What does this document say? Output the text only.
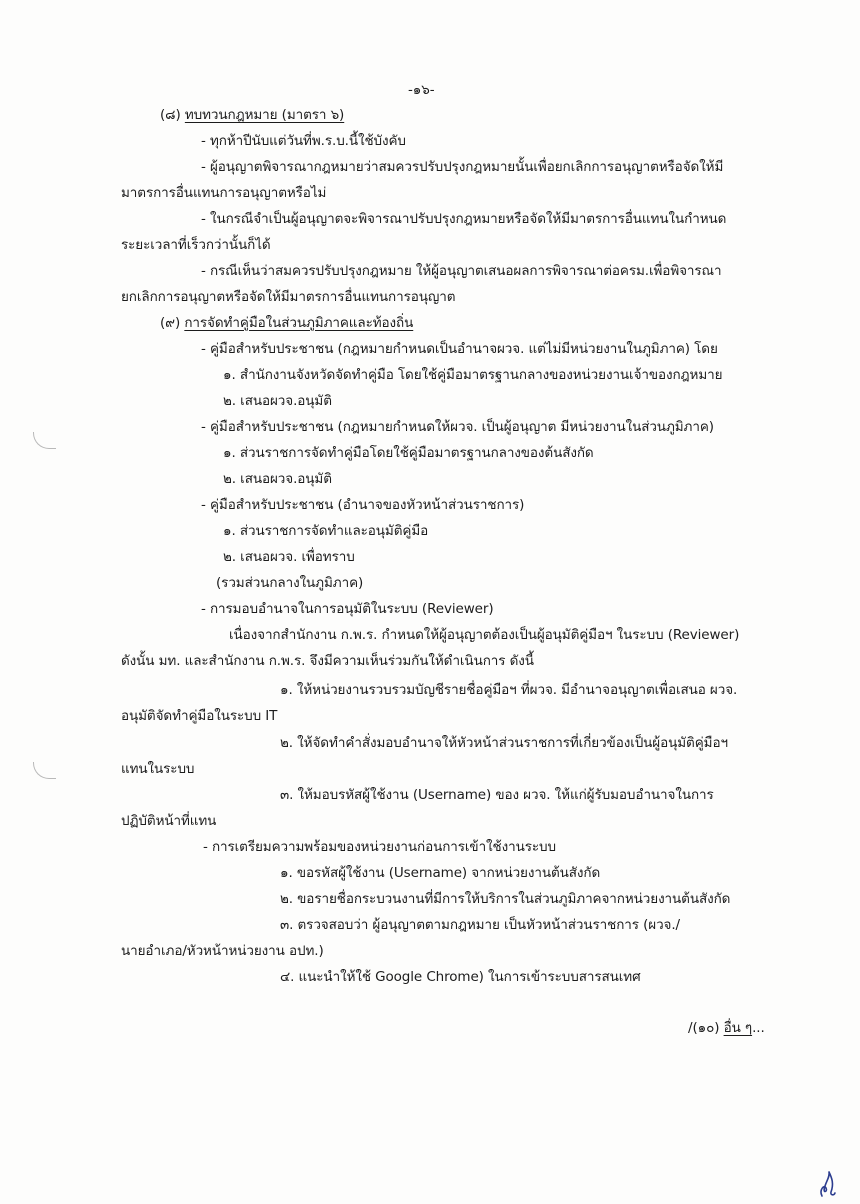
-๑๖-
(๘) ทบทวนกฎหมาย (มาตรา ๖)
- ทุกห้าปีนับแต่วันที่พ.ร.บ.นี้ใช้บังคับ
- ผู้อนุญาตพิจารณากฎหมายว่าสมควรปรับปรุงกฎหมายนั้นเพื่อยกเลิกการอนุญาตหรือจัดให้มี
มาตรการอื่นแทนการอนุญาตหรือไม่
- ในกรณีจำเป็นผู้อนุญาตจะพิจารณาปรับปรุงกฎหมายหรือจัดให้มีมาตรการอื่นแทนในกำหนด
ระยะเวลาที่เร็วกว่านั้นก็ได้
- กรณีเห็นว่าสมควรปรับปรุงกฎหมาย ให้ผู้อนุญาตเสนอผลการพิจารณาต่อครม.เพื่อพิจารณา
ยกเลิกการอนุญาตหรือจัดให้มีมาตรการอื่นแทนการอนุญาต
(๙) การจัดทำคู่มือในส่วนภูมิภาคและท้องถิ่น
- คู่มือสำหรับประชาชน (กฎหมายกำหนดเป็นอำนาจผวจ. แต่ไม่มีหน่วยงานในภูมิภาค) โดย
๑. สำนักงานจังหวัดจัดทำคู่มือ โดยใช้คู่มือมาตรฐานกลางของหน่วยงานเจ้าของกฎหมาย
๒. เสนอผวจ.อนุมัติ
- คู่มือสำหรับประชาชน (กฎหมายกำหนดให้ผวจ. เป็นผู้อนุญาต มีหน่วยงานในส่วนภูมิภาค)
๑. ส่วนราชการจัดทำคู่มือโดยใช้คู่มือมาตรฐานกลางของต้นสังกัด
๒. เสนอผวจ.อนุมัติ
- คู่มือสำหรับประชาชน (อำนาจของหัวหน้าส่วนราชการ)
๑. ส่วนราชการจัดทำและอนุมัติคู่มือ
๒. เสนอผวจ. เพื่อทราบ
(รวมส่วนกลางในภูมิภาค)
- การมอบอำนาจในการอนุมัติในระบบ (Reviewer)
เนื่องจากสำนักงาน ก.พ.ร. กำหนดให้ผู้อนุญาตต้องเป็นผู้อนุมัติคู่มือฯ ในระบบ (Reviewer)
ดังนั้น มท. และสำนักงาน ก.พ.ร. จึงมีความเห็นร่วมกันให้ดำเนินการ ดังนี้
๑. ให้หน่วยงานรวบรวมบัญชีรายชื่อคู่มือฯ ที่ผวจ. มีอำนาจอนุญาตเพื่อเสนอ ผวจ.
อนุมัติจัดทำคู่มือในระบบ IT
๒. ให้จัดทำคำสั่งมอบอำนาจให้หัวหน้าส่วนราชการที่เกี่ยวข้องเป็นผู้อนุมัติคู่มือฯ
แทนในระบบ
๓. ให้มอบรหัสผู้ใช้งาน (Username) ของ ผวจ. ให้แก่ผู้รับมอบอำนาจในการ
ปฏิบัติหน้าที่แทน
- การเตรียมความพร้อมของหน่วยงานก่อนการเข้าใช้งานระบบ
๑. ขอรหัสผู้ใช้งาน (Username) จากหน่วยงานต้นสังกัด
๒. ขอรายชื่อกระบวนงานที่มีการให้บริการในส่วนภูมิภาคจากหน่วยงานต้นสังกัด
๓. ตรวจสอบว่า ผู้อนุญาตตามกฎหมาย เป็นหัวหน้าส่วนราชการ (ผวจ./
นายอำเภอ/หัวหน้าหน่วยงาน อปท.)
๔. แนะนำให้ใช้ Google Chrome) ในการเข้าระบบสารสนเทศ
/(๑๐) อื่น ๆ...
